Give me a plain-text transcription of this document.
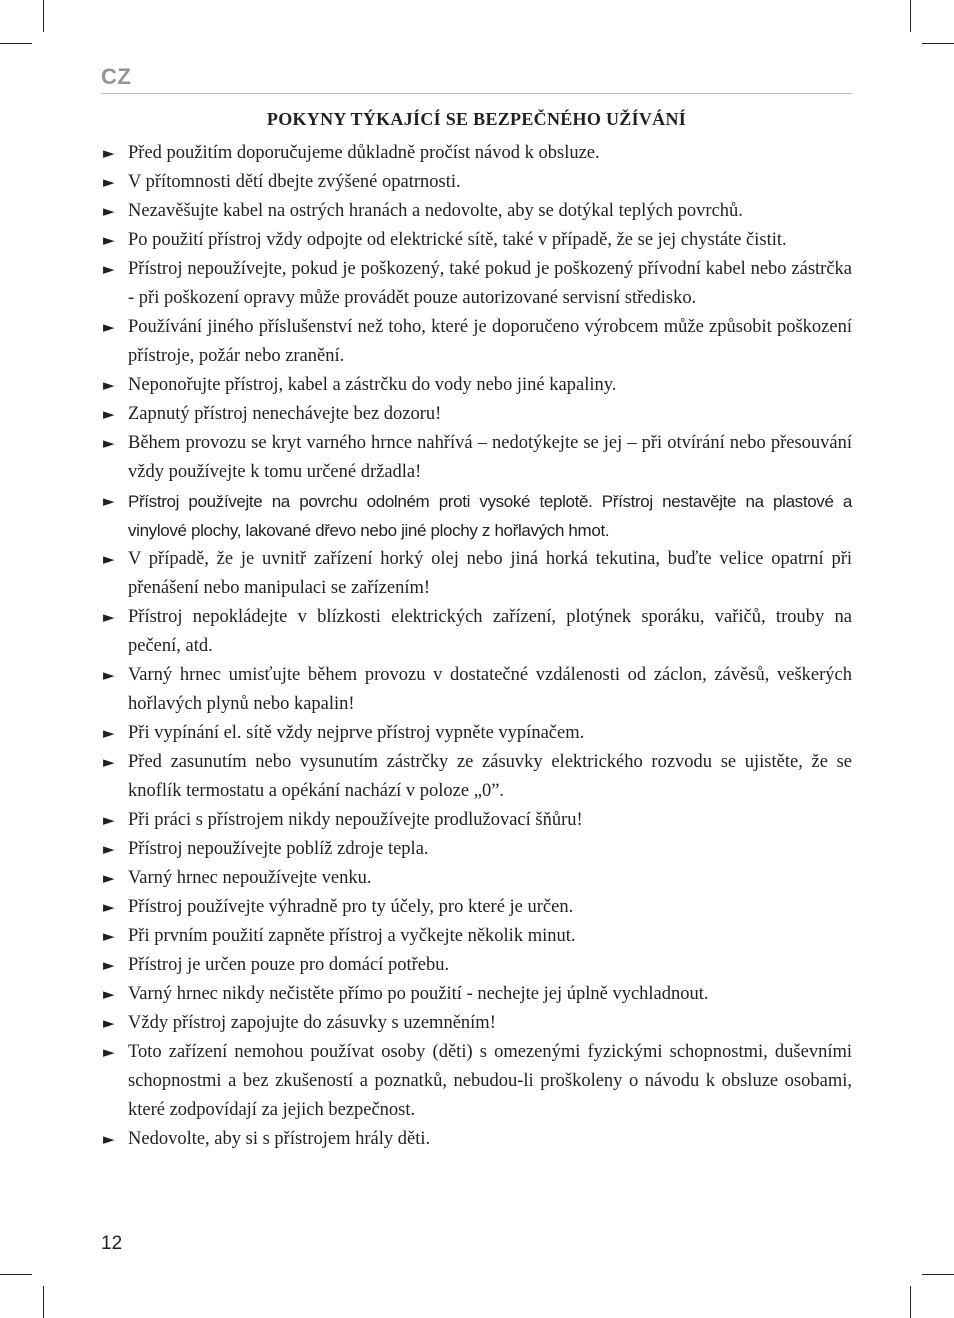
CZ
POKYNY TÝKAJÍCÍ SE BEZPEČNÉHO UŽÍVÁNÍ
► Před použitím doporučujeme důkladně pročíst návod k obsluze.
► V přítomnosti dětí dbejte zvýšené opatrnosti.
► Nezavěšujte kabel na ostrých hranách a nedovolte, aby se dotýkal teplých povrchů.
► Po použití přístroj vždy odpojte od elektrické sítě, také v případě, že se jej chystáte čistit.
► Přístroj nepoužívejte, pokud je poškozený, také pokud je poškozený přívodní kabel nebo zástrčka - při poškození opravy může provádět pouze autorizované servisní středisko.
► Používání jiného příslušenství než toho, které je doporučeno výrobcem může způsobit poškození přístroje, požár nebo zranění.
► Neponořujte přístroj, kabel a zástrčku do vody nebo jiné kapaliny.
► Zapnutý přístroj nenechávejte bez dozoru!
► Během provozu se kryt varného hrnce nahřívá – nedotýkejte se jej – při otvírání nebo přesouvání vždy používejte k tomu určené držadla!
► Přístroj používejte na povrchu odolném proti vysoké teplotě. Přístroj nestavějte na plastové a vinylové plochy, lakované dřevo nebo jiné plochy z hořlavých hmot.
► V případě, že je uvnitř zařízení horký olej nebo jiná horká tekutina, buďte velice opatrní při přenášení nebo manipulaci se zařízením!
► Přístroj nepokládejte v blízkosti elektrických zařízení, plotýnek sporáku, vařičů, trouby na pečení, atd.
► Varný hrnec umisťujte během provozu v dostatečné vzdálenosti od záclon, závěsů, veškerých hořlavých plynů nebo kapalin!
► Při vypínání el. sítě vždy nejprve přístroj vypněte vypínačem.
► Před zasunutím nebo vysunutím zástrčky ze zásuvky elektrického rozvodu se ujistěte, že se knoflík termostatu a opékání nachází v poloze „0”.
► Při práci s přístrojem nikdy nepoužívejte prodlužovací šňůru!
► Přístroj nepoužívejte poblíž zdroje tepla.
► Varný hrnec nepoužívejte venku.
► Přístroj používejte výhradně pro ty účely, pro které je určen.
► Při prvním použití zapněte přístroj a vyčkejte několik minut.
► Přístroj je určen pouze pro domácí potřebu.
► Varný hrnec nikdy nečistěte přímo po použití - nechejte jej úplně vychladnout.
► Vždy přístroj zapojujte do zásuvky s uzemněním!
► Toto zařízení nemohou používat osoby (děti) s omezenými fyzickými schopnostmi, duševními schopnostmi a bez zkušeností a poznatků, nebudou-li proškoleny o návodu k obsluze osobami, které zodpovídají za jejich bezpečnost.
► Nedovolte, aby si s přístrojem hrály děti.
12
